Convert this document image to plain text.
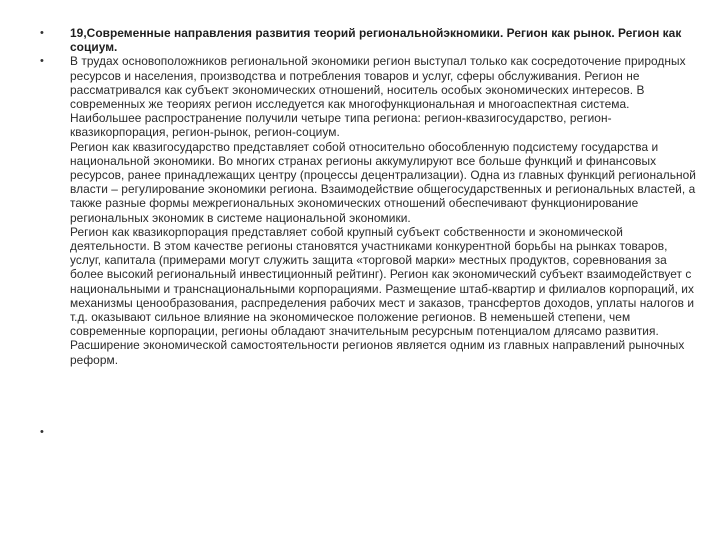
•	19,Современные направления развития теорий региональнойэкномики. Регион как рынок. Регион как социум.
•	В трудах основоположников региональной экономики регион выступал только как сосредоточение природных ресурсов и населения, производства и потребления товаров и услуг, сферы обслуживания. Регион не рассматривался как субъект экономических отношений, носитель особых экономических интересов. В современных же теориях регион исследуется как многофункциональная и многоаспектная система. Наибольшее распространение получили четыре типа региона: регион-квазигосударство, регион-квазикорпорация, регион-рынок, регион-социум.
Регион как квазигосударство представляет собой относительно обособленную подсистему государства и национальной экономики. Во многих странах регионы аккумулируют все больше функций и финансовых ресурсов, ранее принадлежащих центру (процессы децентрализации). Одна из главных функций региональной власти – регулирование экономики региона. Взаимодействие общегосударственных и региональных властей, а также разные формы межрегиональных экономических отношений обеспечивают функционирование региональных экономик в системе национальной экономики.
Регион как квазикорпорация представляет собой крупный субъект собственности и экономической деятельности. В этом качестве регионы становятся участниками конкурентной борьбы на рынках товаров, услуг, капитала (примерами могут служить защита «торговой марки» местных продуктов, соревнования за более высокий региональный инвестиционный рейтинг). Регион как экономический субъект взаимодействует с национальными и транснациональными корпорациями. Размещение штаб-квартир и филиалов корпораций, их механизмы ценообразования, распределения рабочих мест и заказов, трансфертов доходов, уплаты налогов и т.д. оказывают сильное влияние на экономическое положение регионов. В неменьшей степени, чем современные корпорации, регионы обладают значительным ресурсным потенциалом длясамо развития. Расширение экономической самостоятельности регионов является одним из главных направлений рыночных реформ.
•
